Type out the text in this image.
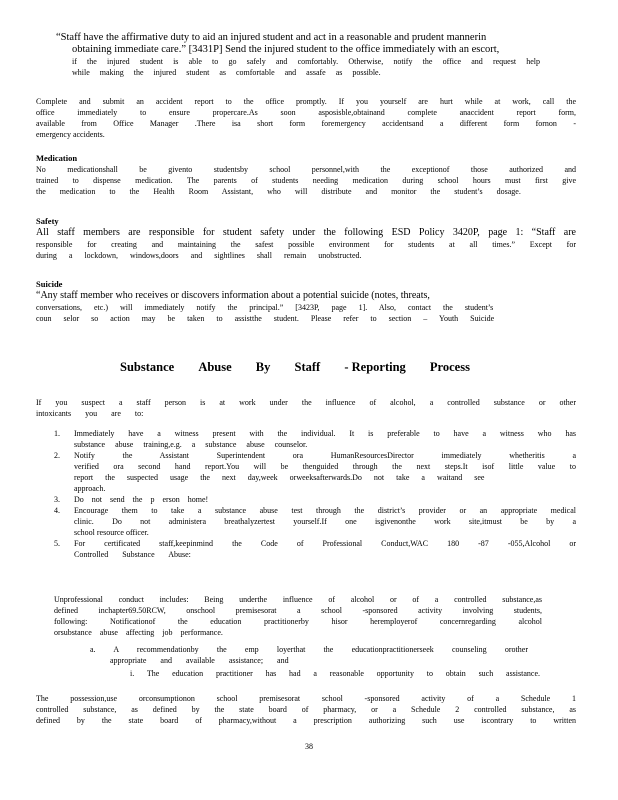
“Staff have the affirmative duty to aid an injured student and act in a reasonable and prudent mannerin
obtaining immediate care.” [3431P] Send the injured student to the office immediately with an escort,
if the injured student is able to go safely and comfortably. Otherwise, notify the office and request help
while making the injured student as comfortable and assafe as possible.
Complete and submit an accident report to the office promptly. If you yourself are hurt while at work, call the
office immediately to ensure propercare.As soon asposisble,obtainand complete anaccident report form,
available from Office Manager .There isa short form foremergency accidentsand a different form fornon -
emergency accidents.
Medication
No medicationshall be givento studentsby school personnel,with the exceptionof those authorized and
trained to dispense medication. The parents of students needing medication during school hours must first give
the medication to the Health Room Assistant, who will distribute and monitor the student’s dosage.
Safety
All staff members are responsible for student safety under the following ESD Policy 3420P, page 1: “Staff are
responsible for creating and maintaining the safest possible environment for students at all times.” Except for
during a lockdown, windows,doors and sightlines shall remain unobstructed.
Suicide
“Any staff member who receives or discovers information about a potential suicide (notes, threats,
conversations, etc.) will immediately notify the principal.” [3423P, page 1]. Also, contact the student’s
coun selor so action may be taken to assistthe student. Please refer to section – Youth Suicide
Substance Abuse By Staff - Reporting Process
If you suspect a staff person is at work under the influence of alcohol, a controlled substance or other
intoxicants you are to:
1. Immediately have a witness present with the individual. It is preferable to have a witness who has
substance abuse training,e.g. a substance abuse counselor.
2. Notify the Assistant Superintendent ora HumanResourcesDirector immediately whetheritis a
verified ora second hand report.You will be thenguided through the next steps.It isof little value to
report the suspected usage the next day,week orweeksafterwards.Do not take a waitand see
approach.
3. Do not send the p erson home!
4. Encourage them to take a substance abuse test through the district’s provider or an appropriate medical
clinic. Do not administera breathalyzertest yourself.If one isgivenonthe work site,itmust be by a
school resource officer.
5. For certificated staff,keepinmind the Code of Professional Conduct,WAC 180 -87 -055,Alcohol or
Controlled Substance Abuse:
Unprofessional conduct includes: Being underthe influence of alcohol or of a controlled substance,as
defined inchapter69.50RCW, onschool premisesorat a school -sponsored activity involving students,
following: Notificationof the education practitionerby hisor heremployerof concernregarding alcohol
orsubstance abuse affecting job performance.
a. A recommendationby the emp loyerthat the educationpractitionerseek counseling orother
appropriate and available assistance; and
i. The education practitioner has had a reasonable opportunity to obtain such assistance.
The possession,use orconsumptionon school premisesorat school -sponsored activity of a Schedule 1
controlled substance, as defined by the state board of pharmacy, or a Schedule 2 controlled substance, as
defined by the state board of pharmacy,without a prescription authorizing such use iscontrary to written
38
